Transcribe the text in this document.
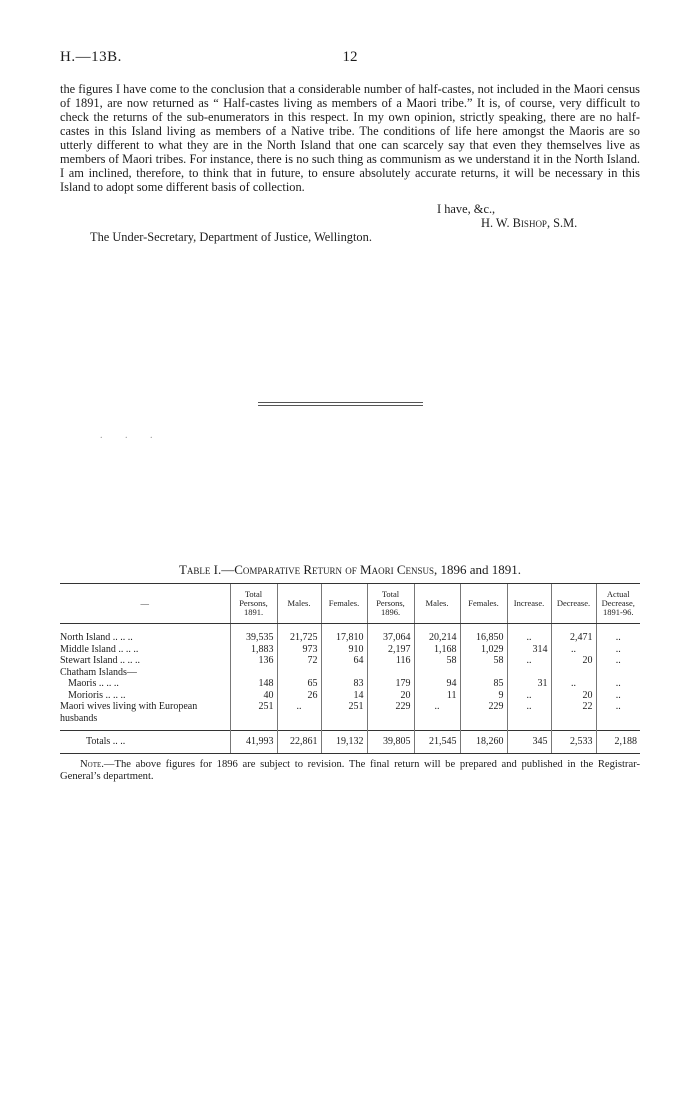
H.—13B.	12

the figures I have come to the conclusion that a considerable number of half-castes, not included in the Maori census of 1891, are now returned as “ Half-castes living as members of a Maori tribe.” It is, of course, very difficult to check the returns of the sub-enumerators in this respect. In my own opinion, strictly speaking, there are no half-castes in this Island living as members of a Native tribe. The conditions of life here amongst the Maoris are so utterly different to what they are in the North Island that one can scarcely say that even they themselves live as members of Maori tribes. For instance, there is no such thing as communism as we understand it in the North Island. I am inclined, therefore, to think that in future, to ensure absolutely accurate returns, it will be necessary in this Island to adopt some different basis of collection.

I have, &c.,
H. W. Bishop, S.M.
The Under-Secretary, Department of Justice, Wellington.
. . .
Table I.—Comparative Return of Maori Census, 1896 and 1891.
—	Total Persons, 1891.	Males.	Females.	Total Persons, 1896.	Males.	Females.	Increase.	Decrease.	Actual Decrease, 1891-96.

North Island .. .. ..	39,535	21,725	17,810	37,064	20,214	16,850	..	2,471	..
Middle Island .. .. ..	1,883	973	910	2,197	1,168	1,029	314	..	..
Stewart Island .. .. ..	136	72	64	116	58	58	..	20	..
Chatham Islands—									
Maoris .. .. ..	148	65	83	179	94	85	31	..	..
Morioris .. .. ..	40	26	14	20	11	9	..	20	..
Maori wives living with European husbands	251	..	251	229	..	229	..	22	..
Totals .. ..	41,993	22,861	19,132	39,805	21,545	18,260	345	2,533	2,188
Note.—The above figures for 1896 are subject to revision. The final return will be prepared and published in the Registrar-General’s department.
